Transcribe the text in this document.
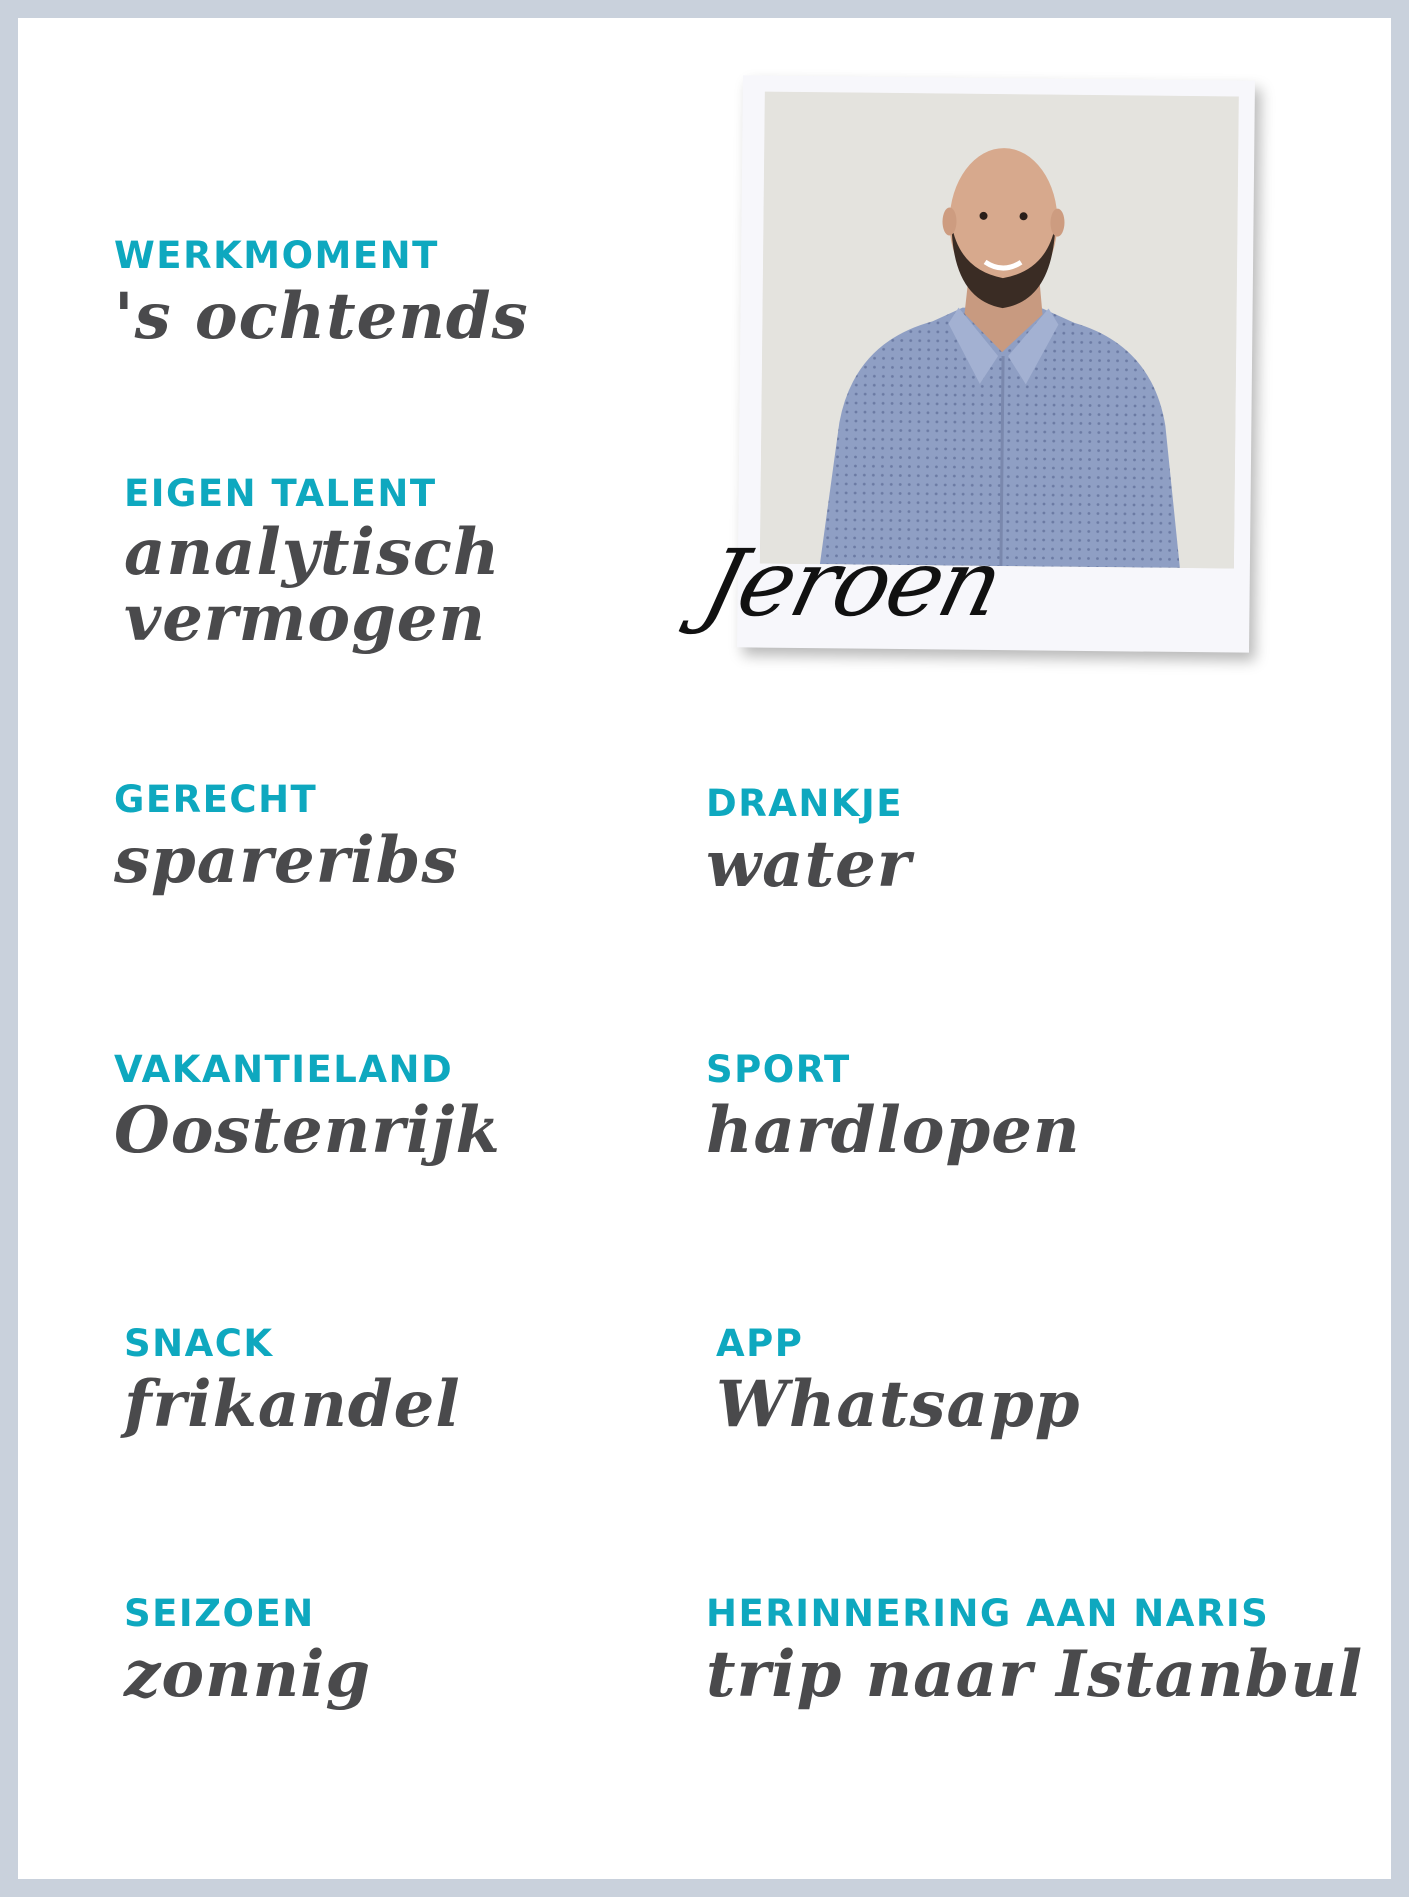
WERKMOMENT
's ochtends
EIGEN TALENT
analytisch
vermogen
GERECHT
spareribs
VAKANTIELAND
Oostenrijk
SNACK
frikandel
SEIZOEN
zonnig
DRANKJE
water
SPORT
hardlopen
APP
Whatsapp
HERINNERING AAN NARIS
trip naar Istanbul
Jeroen
